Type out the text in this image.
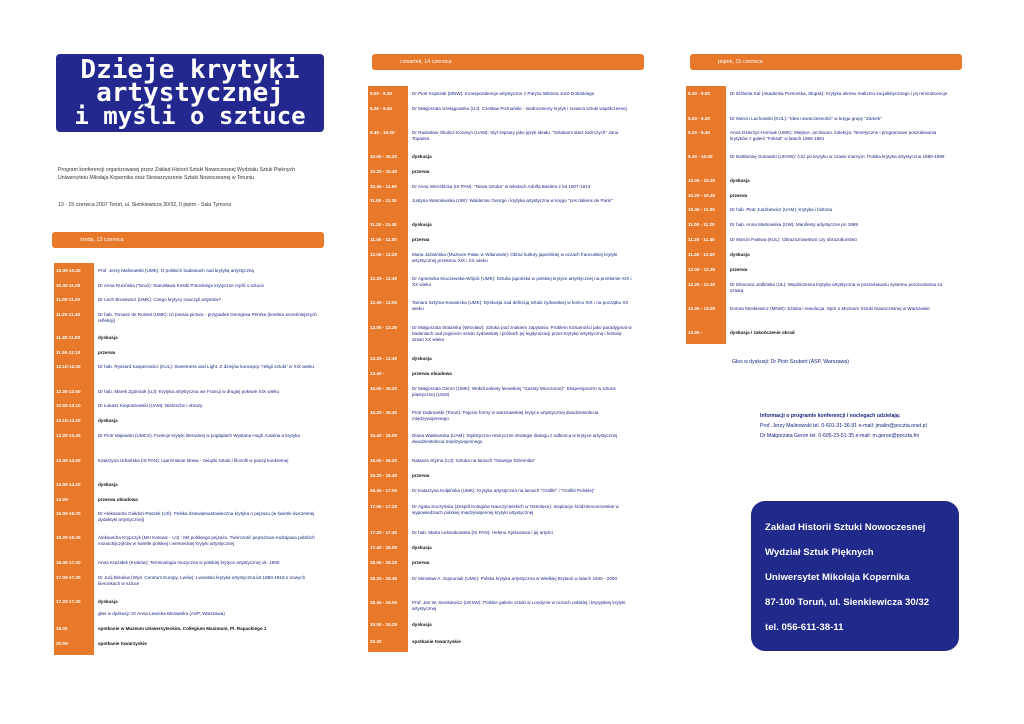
Dzieje krytyki
artystycznej
i myśli o sztuce
Program konferencji organizowanej przez Zakład Historii Sztuki Nowoczesnej Wydziału Sztuk Pięknych Uniwersytetu Mikołaja Kopernika oraz Stowarzyszenie Sztuki Nowoczesnej w Toruniu
13 - 15 czerwca 2007 Toruń, ul. Sienkiewicza 30/32, II piętro - Sala Tymona
środa, 13 czerwca
czwartek, 14 czerwca	piątek, 15 czerwca
10.30-10.40	Prof. Jerzy Malinowski (UMK): O polskich badaniach nad krytyką artystyczną
10.40-11.00	Dr Anna Rucińska (Toruń): Stanisława Kostki Potockiego krytyczne myśli o sztuce
11.00-11.20	Dr Lech Brusewicz (UMK): Czego krytycy nauczyli artystów?
11.20-11.40	Dr hab. Tomasz de Rosset (UMK): Ut poesia pictura - przypadek Georgesa Pereka (korekta wcześniejszych refleksji)
11.40-11.50	dyskusja
11.50-12.10	przerwa
12.10-12.30	Dr hab. Ryszard Kasperowicz (KUL): Sweetness and Light. Z dziejów koncepcji "religii sztuki" w XIX wieku
12.30-12.50	Dr hab. Marek Zgórniak (UJ): Krytyka artystyczna we Francji w drugiej połowie XIX wieku
12.50-13.10	Dr Łukasz Kiepuszewski (UAM): Nietzsche i obrazy
13.10-13.20	dyskusja
13.20-13.40	Dr Piotr Majewski (UMCS): Funkcje krytyki literackiej w poglądach Wystana Hugh Audena a krytyka
13.40-14.00	Katarzyna Urbańska (IS PAN): Ujarzmianie słowa - związki sztuki i filozofii w poezji konkretnej
14.00-14.20	dyskusja
14.20-	przerwa obiadowa
16.00-16.20	Dr Aleksandra Giełdoń-Paszek (UŚ): Polska dziewiętnastowieczna krytyka o pejzażu (w świetle ówczesnej dydaktyki artystycznej)
16.20-16.40	Aleksandra Krypczyk (MH Katowic - UJ) : Mit polskiego pejzażu. Twórczość pejzażowo-rodzajowa polskich monachijczyków w świetle polskiej i niemieckiej krytyki artystycznej
16.40-17.00	Anna Krężałek (Kraków): Terminologia muzyczna w polskiej krytyce artystycznej ok. 1900
17.00-17.20	Dr Jurij Biriułow (Wyd. Centrum Europy, Lwów): Lwowska krytyka artystyczna lat 1890-1918 o nowych kierunkach w sztuce
17.20-17.40	dyskusja
głos w dyskusji: Dr Anna Lewicka-Morawska (ASP, Warszawa)
18.00	spotkanie w Muzeum Uniwersyteckim, Collegium Maximum, Pl. Rapackiego 1
20.00-	spotkanie towarzyskie
9.00 - 9.20	Dr Piotr Kopszak (MNW): Korespondencje artystyczne z Paryża Wiktora Jozé-Dobrskiego
9.20 - 9.40	Dr Małgorzata Szelągowska (UJ): Czesław Poznański - niedoceniony krytyk i znawca sztuki współczesnej
9.40 - 10.00	Dr Radosław Okulicz-Kozaryn (UAM): Styl zepsuty jako język ideału. "Szlakami dusz twórczych" Jana Topassa
10.00 - 10.20	dyskusja
10.20 - 10.40	przerwa
10.40 - 11.00	Dr Anna Wierzbicka (IS PAN): "Nowa sztuka" w tekstach Adolfa Baslera z lat 1907-1913
11.00 - 11.20	Justyna Wesołowska (UW): Waldemar George i krytyka artystyczna w kręgu "Les Italiens de Paris"
11.20 - 11.40	dyskusja
11.40 - 12.00	przerwa
12.00 - 12.20	Maria Jażwińska (Muzeum-Pałac w Wilanowie): Obraz kultury japońskiej w oczach francuskiej krytyki artystycznej przełomu XIX i XX wieku
12.20 - 12.40	Dr Agnieszka Kluczewska-Wójcik (UMK): Sztuka japońska w polskiej krytyce artystycznej na przełomie XIX i XX wieku
12.40 - 13.00	Tamara Sztyma-Knasiecka (UMK): Dyskusja nad definicją sztuki żydowskiej w końcu XIX i na początku XX wieku
13.00 - 13.20	Dr Małgorzata Stolarska (Wrocław): Sztuka pod znakiem zapytania. Problem tożsamości jako paradygmat w badaniach nad pojęciem sztuki żydowskiej i próbach jej legitymizacji przez krytykę artystyczną i historię sztuki XX wieku
13.20 - 13.40	dyskusja
13.40 -	przerwa obiadowa
15.00 - 15.20	Dr Małgorzata Geron (UMK): Wokół ankiety lwowskiej "Gazety Wieczornej". Ekspresjonizm w sztuce plastycznej (1918)
15.20 - 15.40	Piotr Dąbrowski (Toruń): Pojęcie formy w warszawskiej krytyce artystycznej dwudziestolecia międzywojennego
15.40 - 16.00	Diana Wasilewska (UAM): Stylistyczno-retoryczne strategie dialogu z odbiorcą w krytyce artystycznej dwudziestolecia międzywojennego
16.00 - 16.20	Natasza Styrna (UJ): Sztuka na łamach "Nowego Dziennika"
16.20 - 16.40	przerwa
16.40 - 17.00	Dr Katarzyna Kulpińska (UMK): Krytyka artystyczna na łamach "Grafiki" i "Grafiki Polskiej"
17.00 - 17.20	Dr Agata Soczyńska (Zespół Kolegiów Nauczycielskich w Ostrołęce): Inspiracje śródziemnomorskie w wypowiedziach polskiej międzywojennej krytyki artystycznej
17.20 - 17.40	Dr hab. Marta Leśniakowska (IS PAN): Helena Syrkusowa i jej artyści
17.40 - 18.00	dyskusja
18.00 - 18.20	przerwa
18.20 - 18.40	Dr Mirosław A. Supruniuk (UMK): Polska krytyka artystyczna w Wielkiej Brytanii w latach 1940 - 2000
18.40 - 19.00	Prof. Jan W. Sienkiewicz (UKSW): Polskie galerie sztuki w Londynie w oczach polskiej i brytyjskiej krytyki artystycznej
19.00 - 19.20	dyskusja
20.20	spotkanie towarzyskie
8.40 - 9.00	Dr Elżbieta Kal (Akademia Pomorska, Słupsk): Krytyka okresu realizmu socjalistycznego i jej reminiscencje
9.00 - 9.20	Dr Marcin Lachowski (KUL): "Idea nowoczesności" w kręgu grupy "Zamek"
9.20 - 9.40	Anna Dzierżyc-Horniak (UMK): Miejsce, archiwum, kolekcja. Teoretyczne i programowe poszukiwania krytyków z galerii "Foksal" w latach 1966-1981
9.40 - 10.00	Dr Bartłomiej Gutowski (UKSW): Cóż po krytyku w czasie marnym. Polska krytyka artystyczna 1980-1989
10.00 - 10.20	dyskusja
10.20 - 10.40	przerwa
10.40 - 11.00	Dr hab. Piotr Juszkiewicz (UAM): Krytyka i historia
11.00 - 11.20	Dr hab. Anna Markowska (UW): Manifesty artystyczne po 1989
11.20 - 11.40	Dr Marcin Pastwa (KUL): Obrazoznawstwo czy obrazoburstwo
11.40 - 12.00	dyskusja
12.00 - 12.20	przerwa
12.20 - 12.40	Dr Eleonora Jedlińska (UŁ): Współczesna krytyka artystyczna w poszukiwaniu systemu porozumienia za sztuką
12.40 - 13.00	Dorota Monkiewicz (MNW): Sztuka i rewolucja. Spór o Muzeum Sztuki Nowoczesnej w Warszawie
13.00 -	dyskusja i zakończenie obrad
Głos w dyskusji: Dr Piotr Szubert (ASP, Warszawa)
Informacji o programie konferencji i noclegach udzielają:
Prof. Jerzy Malinowski tel. 0-601-31-36-91 e-mail: jmalin@poczta.onet.pl
Dr Małgorzata Geron tel. 0-605-23-51-35 e-mail: m.geron@poczta.fm
Zakład Historii Sztuki Nowoczesnej
Wydział Sztuk Pięknych
Uniwersytet Mikołaja Kopernika
87-100 Toruń, ul. Sienkiewicza 30/32
tel. 056-611-38-11
